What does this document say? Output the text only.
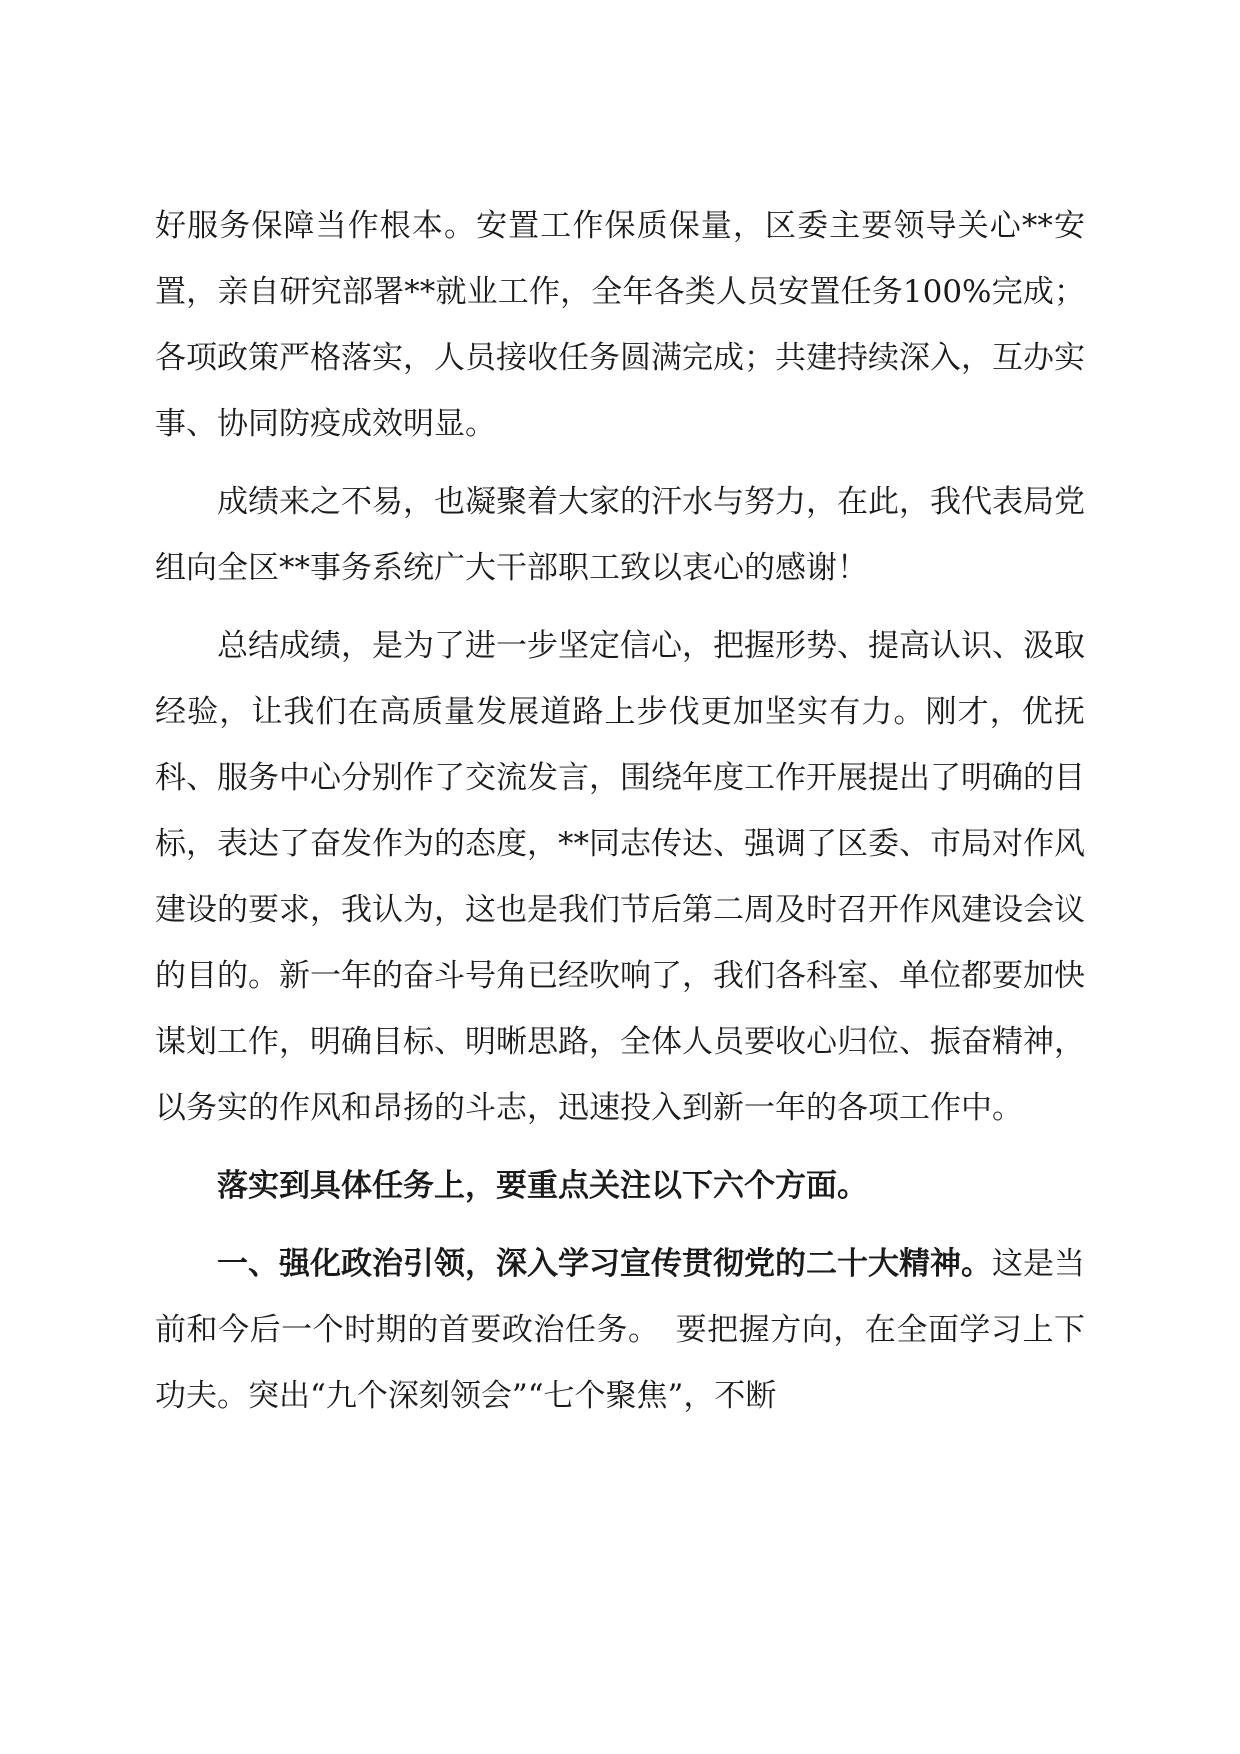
好服务保障当作根本。安置工作保质保量，区委主要领导关心**安置，亲自研究部署**就业工作，全年各类人员安置任务100%完成；各项政策严格落实，人员接收任务圆满完成；共建持续深入，互办实事、协同防疫成效明显。

成绩来之不易，也凝聚着大家的汗水与努力，在此，我代表局党组向全区**事务系统广大干部职工致以衷心的感谢！

总结成绩，是为了进一步坚定信心，把握形势、提高认识、汲取经验，让我们在高质量发展道路上步伐更加坚实有力。刚才，优抚科、服务中心分别作了交流发言，围绕年度工作开展提出了明确的目标，表达了奋发作为的态度，**同志传达、强调了区委、市局对作风建设的要求，我认为，这也是我们节后第二周及时召开作风建设会议的目的。新一年的奋斗号角已经吹响了，我们各科室、单位都要加快谋划工作，明确目标、明晰思路，全体人员要收心归位、振奋精神，以务实的作风和昂扬的斗志，迅速投入到新一年的各项工作中。

落实到具体任务上，要重点关注以下六个方面。

一、强化政治引领，深入学习宣传贯彻党的二十大精神。这是当前和今后一个时期的首要政治任务。　要把握方向，在全面学习上下功夫。突出“九个深刻领会”“七个聚焦”，不断
